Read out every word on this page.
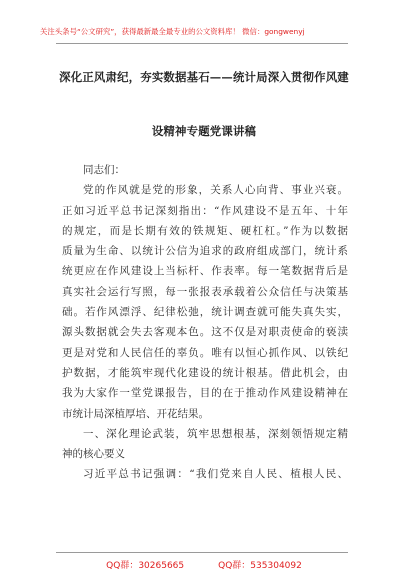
关注头条号“公文研究”，获得最新最全最专业的公文资料库！ 微信：gongwenyj
深化正风肃纪，夯实数据基石——统计局深入贯彻作风建
设精神专题党课讲稿
同志们：
党的作风就是党的形象，关系人心向背、事业兴衰。
正如习近平总书记深刻指出：“作风建设不是五年、十年
的规定，而是长期有效的铁规矩、硬杠杠。”作为以数据
质量为生命、以统计公信为追求的政府组成部门，统计系
统更应在作风建设上当标杆、作表率。每一笔数据背后是
真实社会运行写照，每一张报表承载着公众信任与决策基
础。若作风漂浮、纪律松弛，统计调查就可能失真失实，
源头数据就会失去客观本色。这不仅是对职责使命的亵渎
更是对党和人民信任的辜负。唯有以恒心抓作风、以铁纪
护数据，才能筑牢现代化建设的统计根基。借此机会，由
我为大家作一堂党课报告，目的在于推动作风建设精神在
市统计局深植厚培、开花结果。
一、深化理论武装，筑牢思想根基，深刻领悟规定精
神的核心要义
习近平总书记强调：“我们党来自人民、植根人民、
QQ群：30265665	QQ群：535304092
